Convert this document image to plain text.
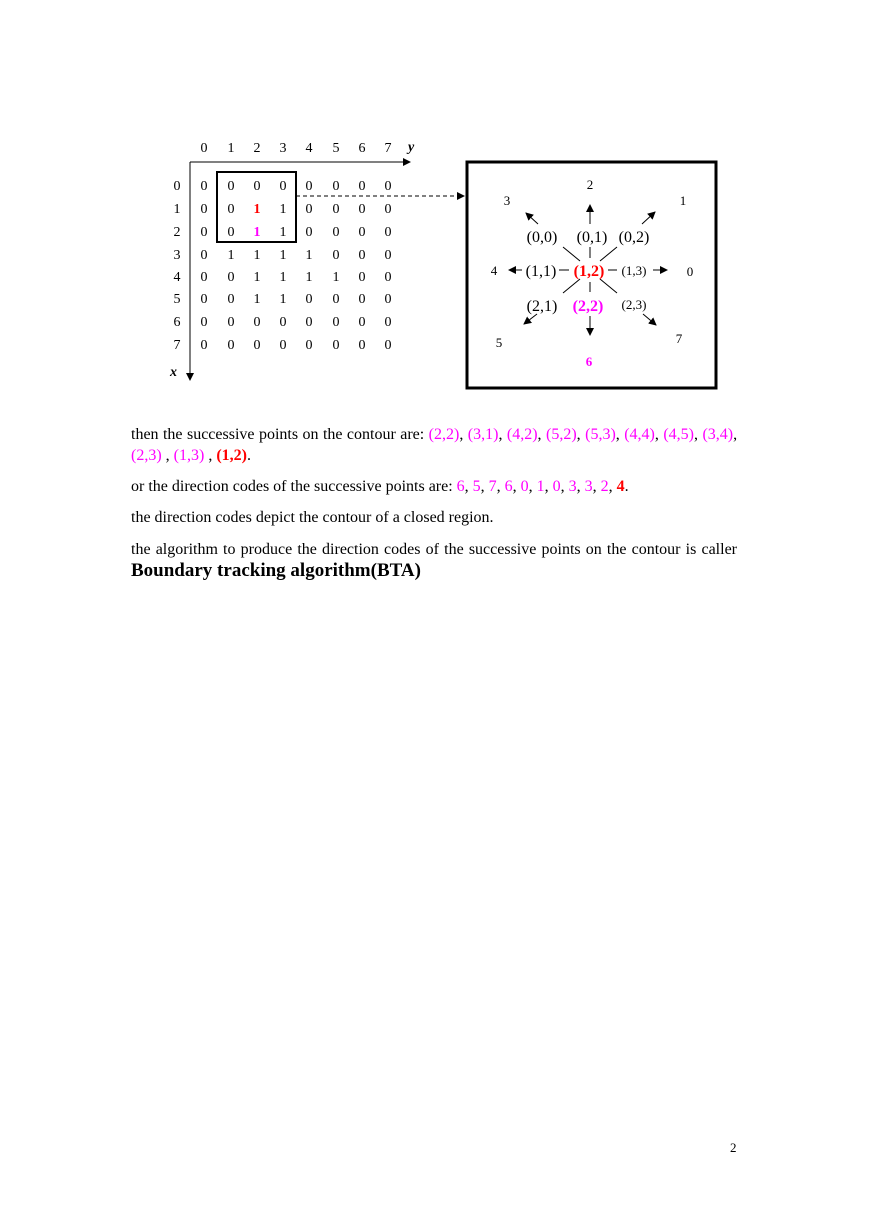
y
x
0 1 2 3 4 5 6 7
0
1
2
3
4
5
6
7
0 0 0 0 0 0 0 0
0 0 1 1 0 0 0 0
0 0 1 1 0 0 0 0
0 1 1 1 1 0 0 0
0 0 1 1 1 1 0 0
0 0 1 1 0 0 0 0
0 0 0 0 0 0 0 0
0 0 0 0 0 0 0 0
0
1
2
3
4
5
6
7
(0,0) (0,1) (0,2)
(1,1) (1,2) (1,3)
(2,1) (2,2) (2,3)
then the successive points on the contour are: (2,2), (3,1), (4,2), (5,2), (5,3), (4,4), (4,5), (3,4), (2,3) , (1,3) , (1,2).
or the direction codes of the successive points are: 6, 5, 7, 6, 0, 1, 0, 3, 3, 2, 4.
the direction codes depict the contour of a closed region.
the algorithm to produce the direction codes of the successive points on the contour is caller Boundary tracking algorithm(BTA)
2
